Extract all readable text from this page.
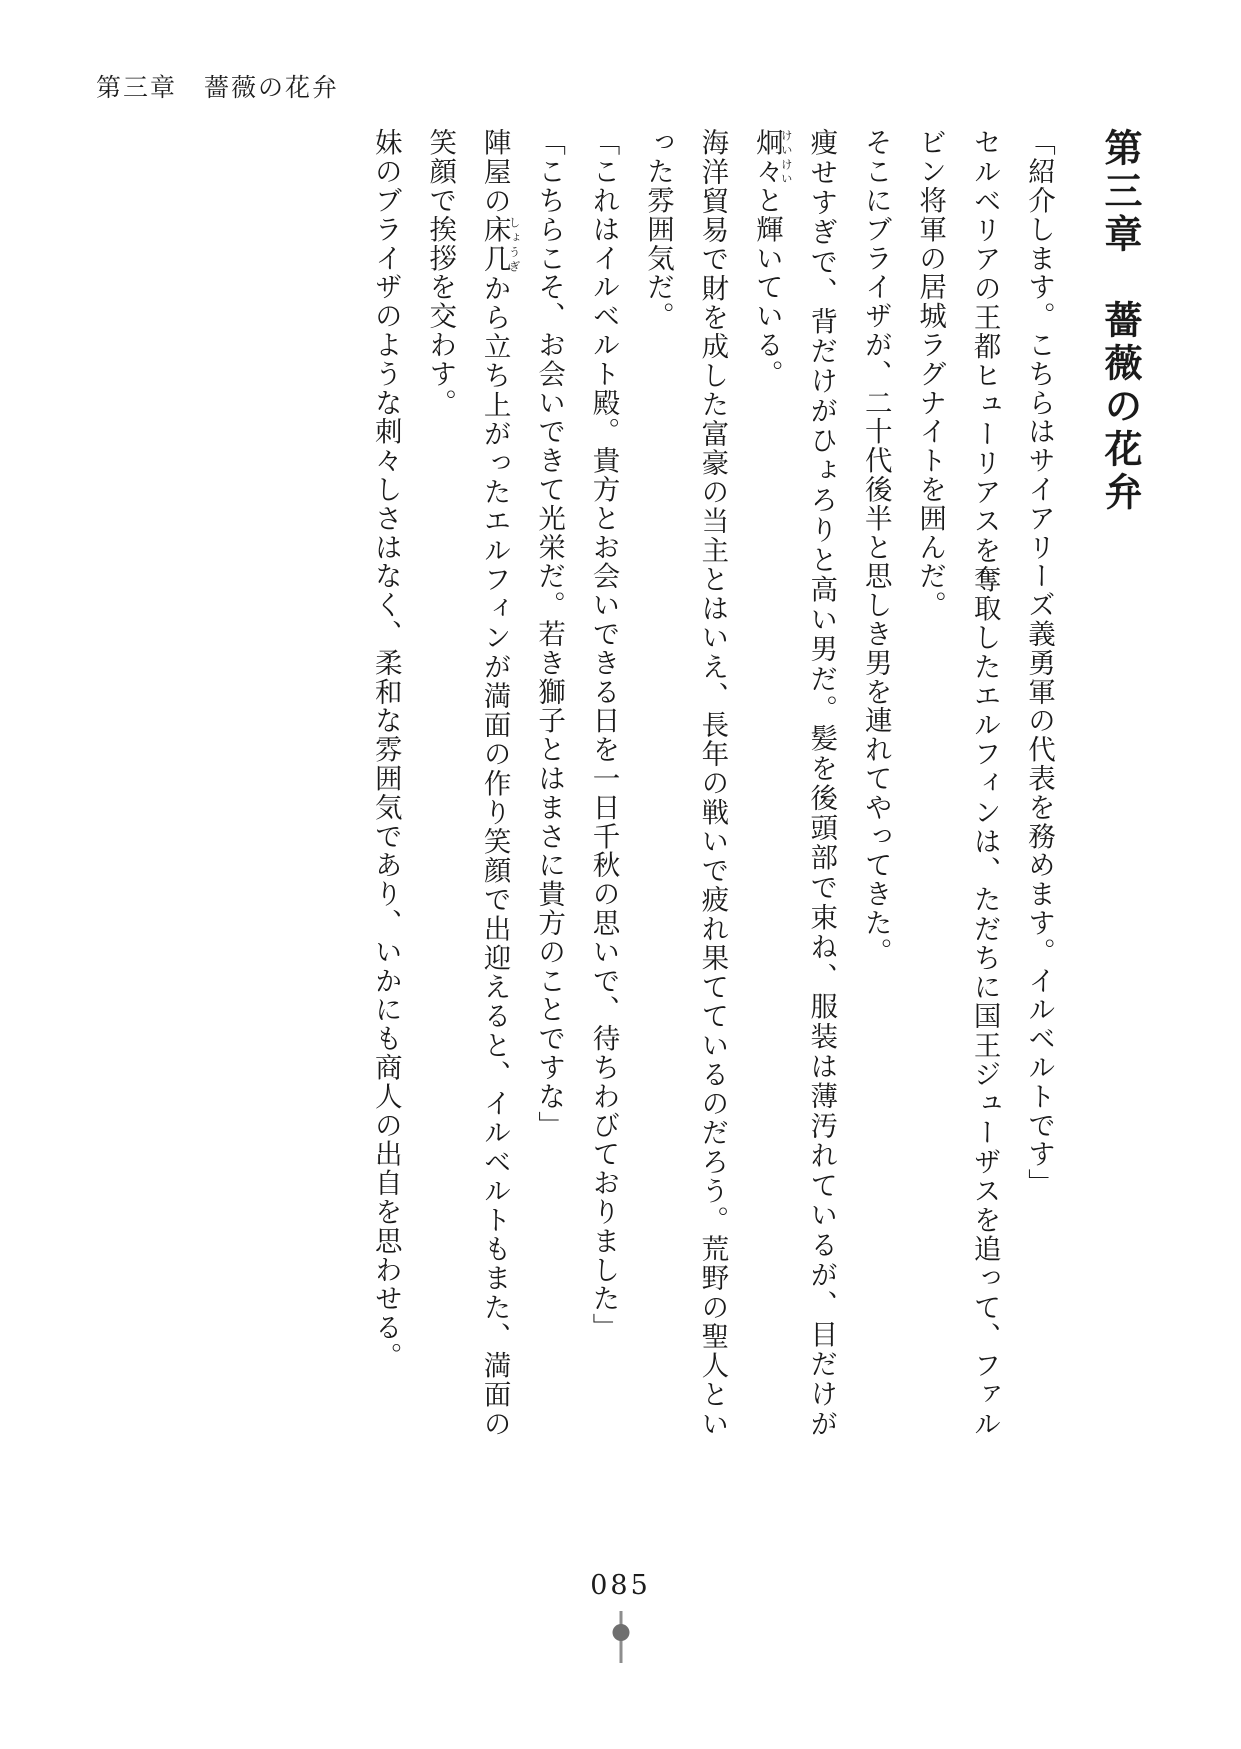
第三章　薔薇の花弁
第三章　薔薇の花弁

「紹介します。こちらはサイアリーズ義勇軍の代表を務めます。イルベルトです」

セルベリアの王都ヒューリアスを奪取したエルフィンは、ただちに国王ジューザスを追って、ファルビン将軍の居城ラグナイトを囲んだ。

そこにブライザが、二十代後半と思しき男を連れてやってきた。

痩せすぎで、背だけがひょろりと高い男だ。髪を後頭部で束ね、服装は薄汚れているが、目だけが炯々けいけいと輝いている。

海洋貿易で財を成した富豪の当主とはいえ、長年の戦いで疲れ果てているのだろう。荒野の聖人といった雰囲気だ。

「これはイルベルト殿。貴方とお会いできる日を一日千秋の思いで、待ちわびておりました」

「こちらこそ、お会いできて光栄だ。若き獅子とはまさに貴方のことですな」

陣屋の床几しょうぎから立ち上がったエルフィンが満面の作り笑顔で出迎えると、イルベルトもまた、満面の笑顔で挨拶を交わす。

妹のブライザのような刺々しさはなく、柔和な雰囲気であり、いかにも商人の出自を思わせる。

085
